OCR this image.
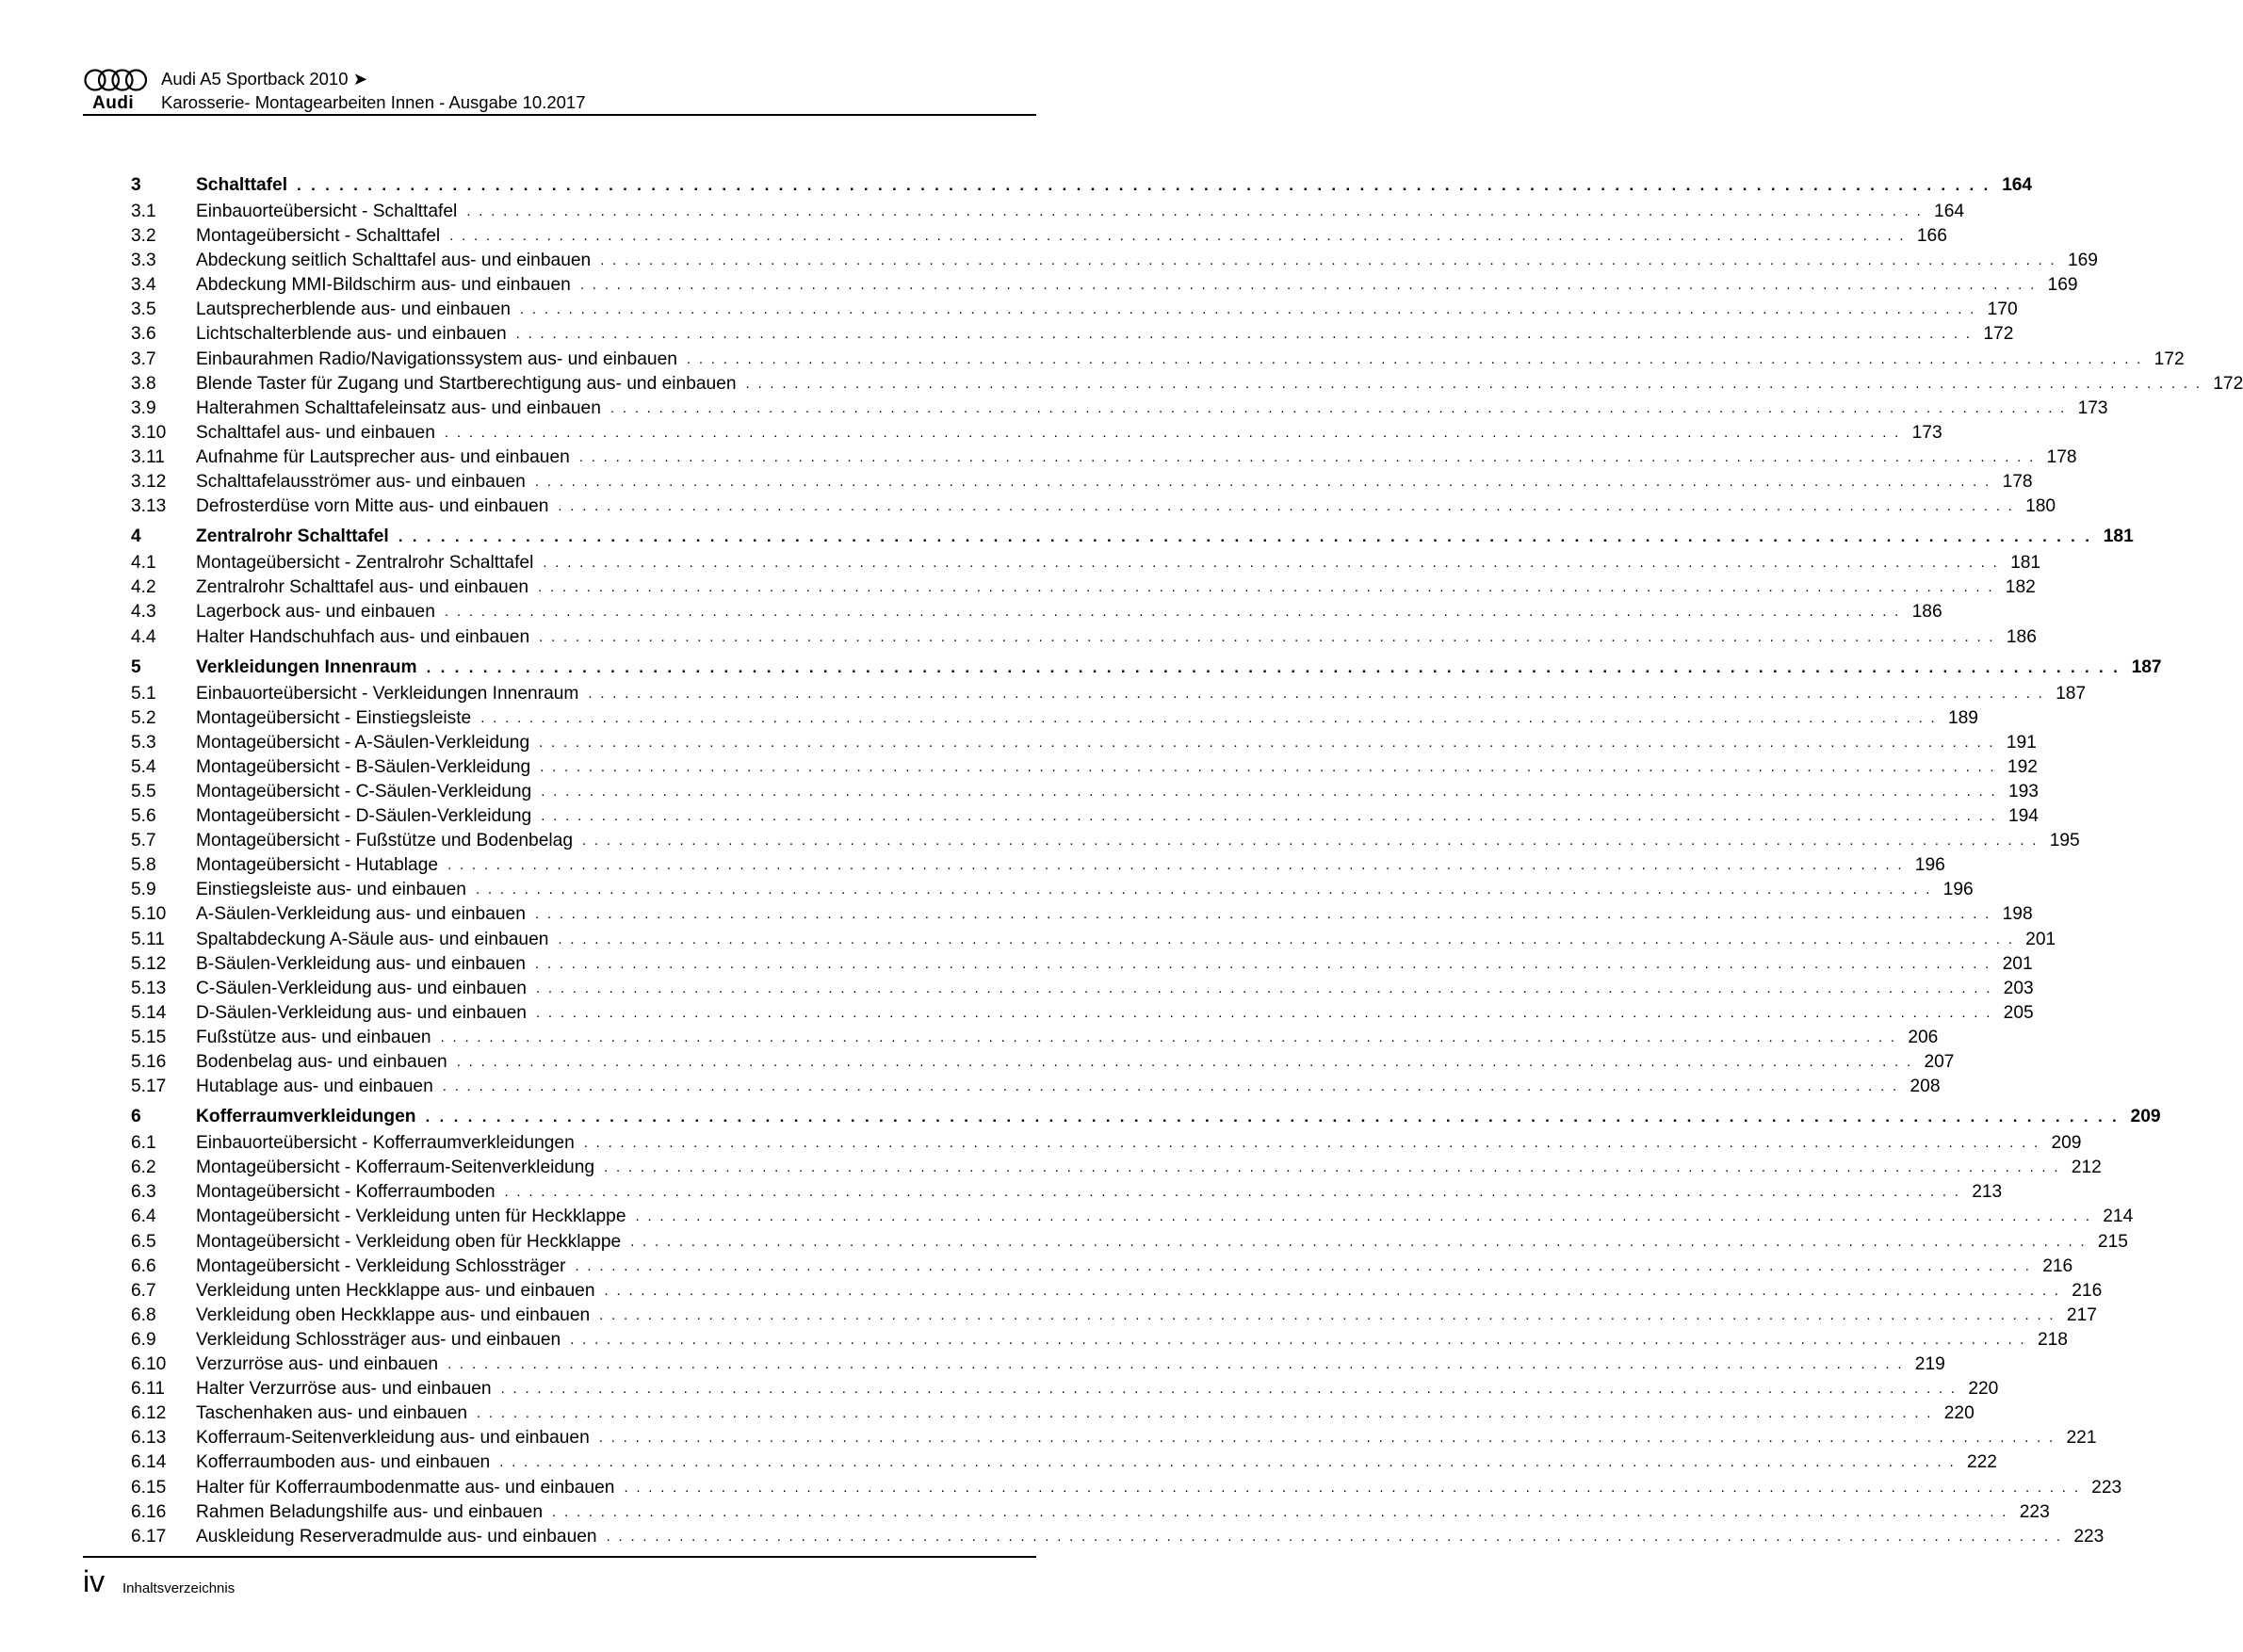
Audi
Audi A5 Sportback 2010 ➤
Karosserie- Montagearbeiten Innen - Ausgabe 10.2017
3	Schalttafel . . . . . . . . . . . . . . . . . . . . . . . . . . . . . . . . . . . . . . . . . . . . . . . . . . . . . . . . . . . . . . . . . . . . . . . . . . . . . . . . . . . . . . . . . . . . . . . . . . . . . . . . . . . . . . . . . . . . . . . . 164
3.1 Einbauorteübersicht - Schalttafel . . . . . . . . . . . . . . . . . . . . . . . . . . . . . . . . . . . . . . . . . . . . . . . . . . . . . . . . . . . . . . . . . . . . . . . . . . . . . . . . . . . . . . . . . . . . . . . . . . . . . . . . . . . . . . . . . . . . . . . . 164
3.2 Montageübersicht - Schalttafel . . . . . . . . . . . . . . . . . . . . . . . . . . . . . . . . . . . . . . . . . . . . . . . . . . . . . . . . . . . . . . . . . . . . . . . . . . . . . . . . . . . . . . . . . . . . . . . . . . . . . . . . . . . . . . . . . . . . . . . . 166
3.3 Abdeckung seitlich Schalttafel aus- und einbauen . . . . . . . . . . . . . . . . . . . . . . . . . . . . . . . . . . . . . . . . . . . . . . . . . . . . . . . . . . . . . . . . . . . . . . . . . . . . . . . . . . . . . . . . . . . . . . . . . . . . . . . . . . . . . . . . . . . . . . . . 169
3.4 Abdeckung MMI-Bildschirm aus- und einbauen . . . . . . . . . . . . . . . . . . . . . . . . . . . . . . . . . . . . . . . . . . . . . . . . . . . . . . . . . . . . . . . . . . . . . . . . . . . . . . . . . . . . . . . . . . . . . . . . . . . . . . . . . . . . . . . . . . . . . . . . 169
3.5 Lautsprecherblende aus- und einbauen . . . . . . . . . . . . . . . . . . . . . . . . . . . . . . . . . . . . . . . . . . . . . . . . . . . . . . . . . . . . . . . . . . . . . . . . . . . . . . . . . . . . . . . . . . . . . . . . . . . . . . . . . . . . . . . . . . . . . . . . 170
3.6 Lichtschalterblende aus- und einbauen . . . . . . . . . . . . . . . . . . . . . . . . . . . . . . . . . . . . . . . . . . . . . . . . . . . . . . . . . . . . . . . . . . . . . . . . . . . . . . . . . . . . . . . . . . . . . . . . . . . . . . . . . . . . . . . . . . . . . . . . 172
3.7 Einbaurahmen Radio/Navigationssystem aus- und einbauen . . . . . . . . . . . . . . . . . . . . . . . . . . . . . . . . . . . . . . . . . . . . . . . . . . . . . . . . . . . . . . . . . . . . . . . . . . . . . . . . . . . . . . . . . . . . . . . . . . . . . . . . . . . . . . . . . . . . . . . . 172
3.8 Blende Taster für Zugang und Startberechtigung aus- und einbauen . . . . . . . . . . . . . . . . . . . . . . . . . . . . . . . . . . . . . . . . . . . . . . . . . . . . . . . . . . . . . . . . . . . . . . . . . . . . . . . . . . . . . . . . . . . . . . . . . . . . . . . . . . . . . . . . . . . . . . . . 172
3.9 Halterahmen Schalttafeleinsatz aus- und einbauen . . . . . . . . . . . . . . . . . . . . . . . . . . . . . . . . . . . . . . . . . . . . . . . . . . . . . . . . . . . . . . . . . . . . . . . . . . . . . . . . . . . . . . . . . . . . . . . . . . . . . . . . . . . . . . . . . . . . . . . . 173
3.10 Schalttafel aus- und einbauen . . . . . . . . . . . . . . . . . . . . . . . . . . . . . . . . . . . . . . . . . . . . . . . . . . . . . . . . . . . . . . . . . . . . . . . . . . . . . . . . . . . . . . . . . . . . . . . . . . . . . . . . . . . . . . . . . . . . . . . . 173
3.11 Aufnahme für Lautsprecher aus- und einbauen . . . . . . . . . . . . . . . . . . . . . . . . . . . . . . . . . . . . . . . . . . . . . . . . . . . . . . . . . . . . . . . . . . . . . . . . . . . . . . . . . . . . . . . . . . . . . . . . . . . . . . . . . . . . . . . . . . . . . . . . 178
3.12 Schalttafelausströmer aus- und einbauen . . . . . . . . . . . . . . . . . . . . . . . . . . . . . . . . . . . . . . . . . . . . . . . . . . . . . . . . . . . . . . . . . . . . . . . . . . . . . . . . . . . . . . . . . . . . . . . . . . . . . . . . . . . . . . . . . . . . . . . . 178
3.13 Defrosterdüse vorn Mitte aus- und einbauen . . . . . . . . . . . . . . . . . . . . . . . . . . . . . . . . . . . . . . . . . . . . . . . . . . . . . . . . . . . . . . . . . . . . . . . . . . . . . . . . . . . . . . . . . . . . . . . . . . . . . . . . . . . . . . . . . . . . . . . . 180
4	Zentralrohr Schalttafel . . . . . . . . . . . . . . . . . . . . . . . . . . . . . . . . . . . . . . . . . . . . . . . . . . . . . . . . . . . . . . . . . . . . . . . . . . . . . . . . . . . . . . . . . . . . . . . . . . . . . . . . . . . . . . . . . . . . . . . . 181
4.1 Montageübersicht - Zentralrohr Schalttafel . . . . . . . . . . . . . . . . . . . . . . . . . . . . . . . . . . . . . . . . . . . . . . . . . . . . . . . . . . . . . . . . . . . . . . . . . . . . . . . . . . . . . . . . . . . . . . . . . . . . . . . . . . . . . . . . . . . . . . . . 181
4.2 Zentralrohr Schalttafel aus- und einbauen . . . . . . . . . . . . . . . . . . . . . . . . . . . . . . . . . . . . . . . . . . . . . . . . . . . . . . . . . . . . . . . . . . . . . . . . . . . . . . . . . . . . . . . . . . . . . . . . . . . . . . . . . . . . . . . . . . . . . . . . 182
4.3 Lagerbock aus- und einbauen . . . . . . . . . . . . . . . . . . . . . . . . . . . . . . . . . . . . . . . . . . . . . . . . . . . . . . . . . . . . . . . . . . . . . . . . . . . . . . . . . . . . . . . . . . . . . . . . . . . . . . . . . . . . . . . . . . . . . . . . 186
4.4 Halter Handschuhfach aus- und einbauen . . . . . . . . . . . . . . . . . . . . . . . . . . . . . . . . . . . . . . . . . . . . . . . . . . . . . . . . . . . . . . . . . . . . . . . . . . . . . . . . . . . . . . . . . . . . . . . . . . . . . . . . . . . . . . . . . . . . . . . . 186
5	Verkleidungen Innenraum . . . . . . . . . . . . . . . . . . . . . . . . . . . . . . . . . . . . . . . . . . . . . . . . . . . . . . . . . . . . . . . . . . . . . . . . . . . . . . . . . . . . . . . . . . . . . . . . . . . . . . . . . . . . . . . . . . . . . . . . 187
5.1 Einbauorteübersicht - Verkleidungen Innenraum . . . . . . . . . . . . . . . . . . . . . . . . . . . . . . . . . . . . . . . . . . . . . . . . . . . . . . . . . . . . . . . . . . . . . . . . . . . . . . . . . . . . . . . . . . . . . . . . . . . . . . . . . . . . . . . . . . . . . . . . 187
5.2 Montageübersicht - Einstiegsleiste . . . . . . . . . . . . . . . . . . . . . . . . . . . . . . . . . . . . . . . . . . . . . . . . . . . . . . . . . . . . . . . . . . . . . . . . . . . . . . . . . . . . . . . . . . . . . . . . . . . . . . . . . . . . . . . . . . . . . . . . 189
5.3 Montageübersicht - A-Säulen-Verkleidung . . . . . . . . . . . . . . . . . . . . . . . . . . . . . . . . . . . . . . . . . . . . . . . . . . . . . . . . . . . . . . . . . . . . . . . . . . . . . . . . . . . . . . . . . . . . . . . . . . . . . . . . . . . . . . . . . . . . . . . . 191
5.4 Montageübersicht - B-Säulen-Verkleidung . . . . . . . . . . . . . . . . . . . . . . . . . . . . . . . . . . . . . . . . . . . . . . . . . . . . . . . . . . . . . . . . . . . . . . . . . . . . . . . . . . . . . . . . . . . . . . . . . . . . . . . . . . . . . . . . . . . . . . . . 192
5.5 Montageübersicht - C-Säulen-Verkleidung . . . . . . . . . . . . . . . . . . . . . . . . . . . . . . . . . . . . . . . . . . . . . . . . . . . . . . . . . . . . . . . . . . . . . . . . . . . . . . . . . . . . . . . . . . . . . . . . . . . . . . . . . . . . . . . . . . . . . . . . 193
5.6 Montageübersicht - D-Säulen-Verkleidung . . . . . . . . . . . . . . . . . . . . . . . . . . . . . . . . . . . . . . . . . . . . . . . . . . . . . . . . . . . . . . . . . . . . . . . . . . . . . . . . . . . . . . . . . . . . . . . . . . . . . . . . . . . . . . . . . . . . . . . . 194
5.7 Montageübersicht - Fußstütze und Bodenbelag . . . . . . . . . . . . . . . . . . . . . . . . . . . . . . . . . . . . . . . . . . . . . . . . . . . . . . . . . . . . . . . . . . . . . . . . . . . . . . . . . . . . . . . . . . . . . . . . . . . . . . . . . . . . . . . . . . . . . . . . 195
5.8 Montageübersicht - Hutablage . . . . . . . . . . . . . . . . . . . . . . . . . . . . . . . . . . . . . . . . . . . . . . . . . . . . . . . . . . . . . . . . . . . . . . . . . . . . . . . . . . . . . . . . . . . . . . . . . . . . . . . . . . . . . . . . . . . . . . . . 196
5.9 Einstiegsleiste aus- und einbauen . . . . . . . . . . . . . . . . . . . . . . . . . . . . . . . . . . . . . . . . . . . . . . . . . . . . . . . . . . . . . . . . . . . . . . . . . . . . . . . . . . . . . . . . . . . . . . . . . . . . . . . . . . . . . . . . . . . . . . . . 196
5.10 A-Säulen-Verkleidung aus- und einbauen . . . . . . . . . . . . . . . . . . . . . . . . . . . . . . . . . . . . . . . . . . . . . . . . . . . . . . . . . . . . . . . . . . . . . . . . . . . . . . . . . . . . . . . . . . . . . . . . . . . . . . . . . . . . . . . . . . . . . . . . 198
5.11 Spaltabdeckung A-Säule aus- und einbauen . . . . . . . . . . . . . . . . . . . . . . . . . . . . . . . . . . . . . . . . . . . . . . . . . . . . . . . . . . . . . . . . . . . . . . . . . . . . . . . . . . . . . . . . . . . . . . . . . . . . . . . . . . . . . . . . . . . . . . . . 201
5.12 B-Säulen-Verkleidung aus- und einbauen . . . . . . . . . . . . . . . . . . . . . . . . . . . . . . . . . . . . . . . . . . . . . . . . . . . . . . . . . . . . . . . . . . . . . . . . . . . . . . . . . . . . . . . . . . . . . . . . . . . . . . . . . . . . . . . . . . . . . . . . 201
5.13 C-Säulen-Verkleidung aus- und einbauen . . . . . . . . . . . . . . . . . . . . . . . . . . . . . . . . . . . . . . . . . . . . . . . . . . . . . . . . . . . . . . . . . . . . . . . . . . . . . . . . . . . . . . . . . . . . . . . . . . . . . . . . . . . . . . . . . . . . . . . . 203
5.14 D-Säulen-Verkleidung aus- und einbauen . . . . . . . . . . . . . . . . . . . . . . . . . . . . . . . . . . . . . . . . . . . . . . . . . . . . . . . . . . . . . . . . . . . . . . . . . . . . . . . . . . . . . . . . . . . . . . . . . . . . . . . . . . . . . . . . . . . . . . . . 205
5.15 Fußstütze aus- und einbauen . . . . . . . . . . . . . . . . . . . . . . . . . . . . . . . . . . . . . . . . . . . . . . . . . . . . . . . . . . . . . . . . . . . . . . . . . . . . . . . . . . . . . . . . . . . . . . . . . . . . . . . . . . . . . . . . . . . . . . . . 206
5.16 Bodenbelag aus- und einbauen . . . . . . . . . . . . . . . . . . . . . . . . . . . . . . . . . . . . . . . . . . . . . . . . . . . . . . . . . . . . . . . . . . . . . . . . . . . . . . . . . . . . . . . . . . . . . . . . . . . . . . . . . . . . . . . . . . . . . . . . 207
5.17 Hutablage aus- und einbauen . . . . . . . . . . . . . . . . . . . . . . . . . . . . . . . . . . . . . . . . . . . . . . . . . . . . . . . . . . . . . . . . . . . . . . . . . . . . . . . . . . . . . . . . . . . . . . . . . . . . . . . . . . . . . . . . . . . . . . . . 208
6	Kofferraumverkleidungen . . . . . . . . . . . . . . . . . . . . . . . . . . . . . . . . . . . . . . . . . . . . . . . . . . . . . . . . . . . . . . . . . . . . . . . . . . . . . . . . . . . . . . . . . . . . . . . . . . . . . . . . . . . . . . . . . . . . . . . . 209
6.1 Einbauorteübersicht - Kofferraumverkleidungen . . . . . . . . . . . . . . . . . . . . . . . . . . . . . . . . . . . . . . . . . . . . . . . . . . . . . . . . . . . . . . . . . . . . . . . . . . . . . . . . . . . . . . . . . . . . . . . . . . . . . . . . . . . . . . . . . . . . . . . . 209
6.2 Montageübersicht - Kofferraum-Seitenverkleidung . . . . . . . . . . . . . . . . . . . . . . . . . . . . . . . . . . . . . . . . . . . . . . . . . . . . . . . . . . . . . . . . . . . . . . . . . . . . . . . . . . . . . . . . . . . . . . . . . . . . . . . . . . . . . . . . . . . . . . . . 212
6.3 Montageübersicht - Kofferraumboden . . . . . . . . . . . . . . . . . . . . . . . . . . . . . . . . . . . . . . . . . . . . . . . . . . . . . . . . . . . . . . . . . . . . . . . . . . . . . . . . . . . . . . . . . . . . . . . . . . . . . . . . . . . . . . . . . . . . . . . . 213
6.4 Montageübersicht - Verkleidung unten für Heckklappe . . . . . . . . . . . . . . . . . . . . . . . . . . . . . . . . . . . . . . . . . . . . . . . . . . . . . . . . . . . . . . . . . . . . . . . . . . . . . . . . . . . . . . . . . . . . . . . . . . . . . . . . . . . . . . . . . . . . . . . . 214
6.5 Montageübersicht - Verkleidung oben für Heckklappe . . . . . . . . . . . . . . . . . . . . . . . . . . . . . . . . . . . . . . . . . . . . . . . . . . . . . . . . . . . . . . . . . . . . . . . . . . . . . . . . . . . . . . . . . . . . . . . . . . . . . . . . . . . . . . . . . . . . . . . . 215
6.6 Montageübersicht - Verkleidung Schlossträger . . . . . . . . . . . . . . . . . . . . . . . . . . . . . . . . . . . . . . . . . . . . . . . . . . . . . . . . . . . . . . . . . . . . . . . . . . . . . . . . . . . . . . . . . . . . . . . . . . . . . . . . . . . . . . . . . . . . . . . . 216
6.7 Verkleidung unten Heckklappe aus- und einbauen . . . . . . . . . . . . . . . . . . . . . . . . . . . . . . . . . . . . . . . . . . . . . . . . . . . . . . . . . . . . . . . . . . . . . . . . . . . . . . . . . . . . . . . . . . . . . . . . . . . . . . . . . . . . . . . . . . . . . . . . 216
6.8 Verkleidung oben Heckklappe aus- und einbauen . . . . . . . . . . . . . . . . . . . . . . . . . . . . . . . . . . . . . . . . . . . . . . . . . . . . . . . . . . . . . . . . . . . . . . . . . . . . . . . . . . . . . . . . . . . . . . . . . . . . . . . . . . . . . . . . . . . . . . . . 217
6.9 Verkleidung Schlossträger aus- und einbauen . . . . . . . . . . . . . . . . . . . . . . . . . . . . . . . . . . . . . . . . . . . . . . . . . . . . . . . . . . . . . . . . . . . . . . . . . . . . . . . . . . . . . . . . . . . . . . . . . . . . . . . . . . . . . . . . . . . . . . . . 218
6.10 Verzurröse aus- und einbauen . . . . . . . . . . . . . . . . . . . . . . . . . . . . . . . . . . . . . . . . . . . . . . . . . . . . . . . . . . . . . . . . . . . . . . . . . . . . . . . . . . . . . . . . . . . . . . . . . . . . . . . . . . . . . . . . . . . . . . . . 219
6.11 Halter Verzurröse aus- und einbauen . . . . . . . . . . . . . . . . . . . . . . . . . . . . . . . . . . . . . . . . . . . . . . . . . . . . . . . . . . . . . . . . . . . . . . . . . . . . . . . . . . . . . . . . . . . . . . . . . . . . . . . . . . . . . . . . . . . . . . . . 220
6.12 Taschenhaken aus- und einbauen . . . . . . . . . . . . . . . . . . . . . . . . . . . . . . . . . . . . . . . . . . . . . . . . . . . . . . . . . . . . . . . . . . . . . . . . . . . . . . . . . . . . . . . . . . . . . . . . . . . . . . . . . . . . . . . . . . . . . . . . 220
6.13 Kofferraum-Seitenverkleidung aus- und einbauen . . . . . . . . . . . . . . . . . . . . . . . . . . . . . . . . . . . . . . . . . . . . . . . . . . . . . . . . . . . . . . . . . . . . . . . . . . . . . . . . . . . . . . . . . . . . . . . . . . . . . . . . . . . . . . . . . . . . . . . . 221
6.14 Kofferraumboden aus- und einbauen . . . . . . . . . . . . . . . . . . . . . . . . . . . . . . . . . . . . . . . . . . . . . . . . . . . . . . . . . . . . . . . . . . . . . . . . . . . . . . . . . . . . . . . . . . . . . . . . . . . . . . . . . . . . . . . . . . . . . . . . 222
6.15 Halter für Kofferraumbodenmatte aus- und einbauen . . . . . . . . . . . . . . . . . . . . . . . . . . . . . . . . . . . . . . . . . . . . . . . . . . . . . . . . . . . . . . . . . . . . . . . . . . . . . . . . . . . . . . . . . . . . . . . . . . . . . . . . . . . . . . . . . . . . . . . . 223
6.16 Rahmen Beladungshilfe aus- und einbauen . . . . . . . . . . . . . . . . . . . . . . . . . . . . . . . . . . . . . . . . . . . . . . . . . . . . . . . . . . . . . . . . . . . . . . . . . . . . . . . . . . . . . . . . . . . . . . . . . . . . . . . . . . . . . . . . . . . . . . . . 223
6.17 Auskleidung Reserveradmulde aus- und einbauen . . . . . . . . . . . . . . . . . . . . . . . . . . . . . . . . . . . . . . . . . . . . . . . . . . . . . . . . . . . . . . . . . . . . . . . . . . . . . . . . . . . . . . . . . . . . . . . . . . . . . . . . . . . . . . . . . . . . . . . . 223
iv Inhaltsverzeichnis
